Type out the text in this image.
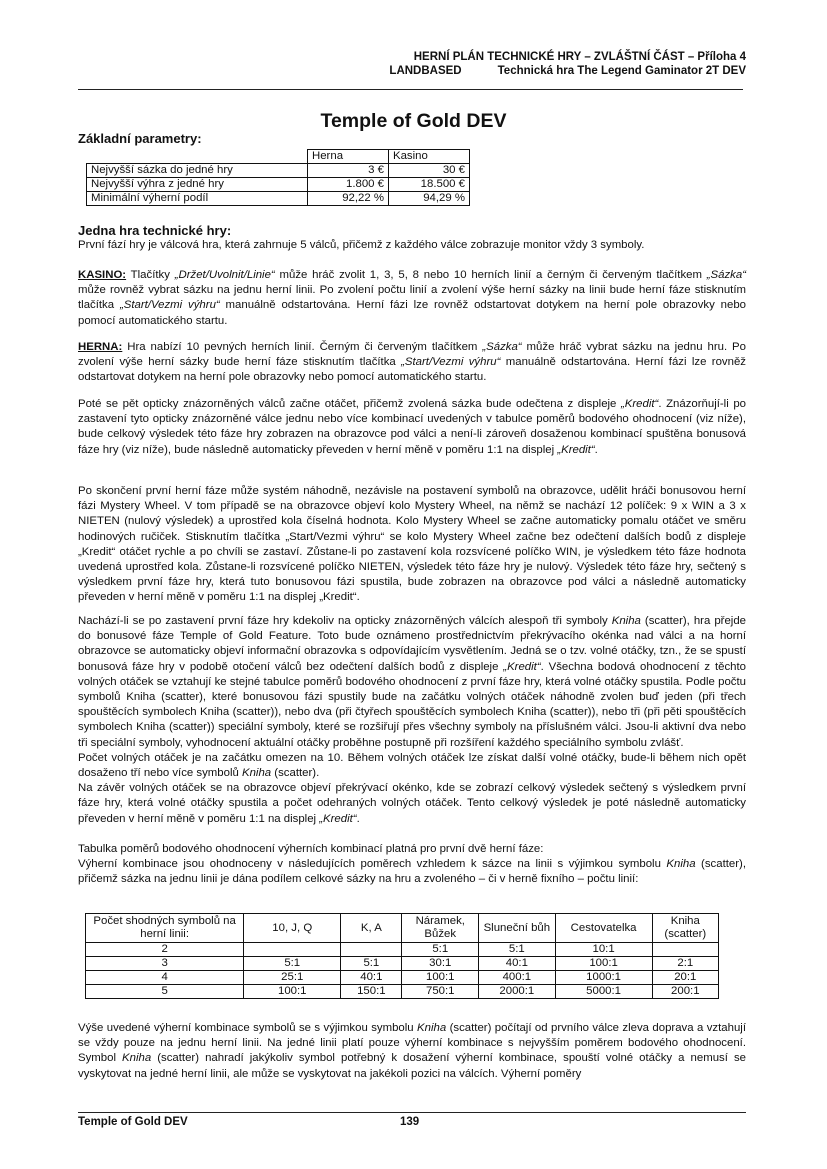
HERNÍ PLÁN TECHNICKÉ HRY – ZVLÁŠTNÍ ČÁST – Příloha 4
LANDBASED	Technická hra The Legend Gaminator 2T DEV
Temple of Gold DEV
Základní parametry:
	Herna	Kasino
Nejvyšší sázka do jedné hry	3 €	30 €
Nejvyšší výhra z jedné hry	1.800 €	18.500 €
Minimální výherní podíl	92,22 %	94,29 %
Jedna hra technické hry:

První fází hry je válcová hra, která zahrnuje 5 válců, přičemž z každého válce zobrazuje monitor vždy 3 symboly.

KASINO: Tlačítky „Držet/Uvolnit/Linie“ může hráč zvolit 1, 3, 5, 8 nebo 10 herních linií a černým či červeným tlačítkem „Sázka“ může rovněž vybrat sázku na jednu herní linii. Po zvolení počtu linií a zvolení výše herní sázky na linii bude herní fáze stisknutím tlačítka „Start/Vezmi výhru“ manuálně odstartována. Herní fázi lze rovněž odstartovat dotykem na herní pole obrazovky nebo pomocí automatického startu.

HERNA: Hra nabízí 10 pevných herních linií. Černým či červeným tlačítkem „Sázka“ může hráč vybrat sázku na jednu hru. Po zvolení výše herní sázky bude herní fáze stisknutím tlačítka „Start/Vezmi výhru“ manuálně odstartována. Herní fázi lze rovněž odstartovat dotykem na herní pole obrazovky nebo pomocí automatického startu.

Poté se pět opticky znázorněných válců začne otáčet, přičemž zvolená sázka bude odečtena z displeje „Kredit“. Znázorňují-li po zastavení tyto opticky znázorněné válce jednu nebo více kombinací uvedených v tabulce poměrů bodového ohodnocení (viz níže), bude celkový výsledek této fáze hry zobrazen na obrazovce pod válci a není-li zároveň dosaženou kombinací spuštěna bonusová fáze hry (viz níže), bude následně automaticky převeden v herní měně v poměru 1:1 na displej „Kredit“.

Po skončení první herní fáze může systém náhodně, nezávisle na postavení symbolů na obrazovce, udělit hráči bonusovou herní fázi Mystery Wheel. V tom případě se na obrazovce objeví kolo Mystery Wheel, na němž se nachází 12 políček: 9 x WIN a 3 x NIETEN (nulový výsledek) a uprostřed kola číselná hodnota. Kolo Mystery Wheel se začne automaticky pomalu otáčet ve směru hodinových ručiček. Stisknutím tlačítka „Start/Vezmi výhru“ se kolo Mystery Wheel začne bez odečtení dalších bodů z displeje „Kredit“ otáčet rychle a po chvíli se zastaví. Zůstane-li po zastavení kola rozsvícené políčko WIN, je výsledkem této fáze hodnota uvedená uprostřed kola. Zůstane-li rozsvícené políčko NIETEN, výsledek této fáze hry je nulový. Výsledek této fáze hry, sečtený s výsledkem první fáze hry, která tuto bonusovou fázi spustila, bude zobrazen na obrazovce pod válci a následně automaticky převeden v herní měně v poměru 1:1 na displej „Kredit“.

Nachází-li se po zastavení první fáze hry kdekoliv na opticky znázorněných válcích alespoň tři symboly Kniha (scatter), hra přejde do bonusové fáze Temple of Gold Feature. Toto bude oznámeno prostřednictvím překrývacího okénka nad válci a na horní obrazovce se automaticky objeví informační obrazovka s odpovídajícím vysvětlením. Jedná se o tzv. volné otáčky, tzn., že se spustí bonusová fáze hry v podobě otočení válců bez odečtení dalších bodů z displeje „Kredit“. Všechna bodová ohodnocení z těchto volných otáček se vztahují ke stejné tabulce poměrů bodového ohodnocení z první fáze hry, která volné otáčky spustila. Podle počtu symbolů Kniha (scatter), které bonusovou fázi spustily bude na začátku volných otáček náhodně zvolen buď jeden (při třech spouštěcích symbolech Kniha (scatter)), nebo dva (při čtyřech spouštěcích symbolech Kniha (scatter)), nebo tři (při pěti spouštěcích symbolech Kniha (scatter)) speciální symboly, které se rozšiřují přes všechny symboly na příslušném válci. Jsou-li aktivní dva nebo tři speciální symboly, vyhodnocení aktuální otáčky proběhne postupně při rozšíření každého speciálního symbolu zvlášť.

Počet volných otáček je na začátku omezen na 10. Během volných otáček lze získat další volné otáčky, bude-li během nich opět dosaženo tří nebo více symbolů Kniha (scatter).

Na závěr volných otáček se na obrazovce objeví překrývací okénko, kde se zobrazí celkový výsledek sečtený s výsledkem první fáze hry, která volné otáčky spustila a počet odehraných volných otáček. Tento celkový výsledek je poté následně automaticky převeden v herní měně v poměru 1:1 na displej „Kredit“.

Tabulka poměrů bodového ohodnocení výherních kombinací platná pro první dvě herní fáze:

Výherní kombinace jsou ohodnoceny v následujících poměrech vzhledem k sázce na linii s výjimkou symbolu Kniha (scatter), přičemž sázka na jednu linii je dána podílem celkové sázky na hru a zvoleného – či v herně fixního – počtu linií:

Počet shodných symbolů na herní linii:	10, J, Q	K, A	Náramek, Bůžek	Sluneční bůh	Cestovatelka	Kniha (scatter)
2			5:1	5:1	10:1	
3	5:1	5:1	30:1	40:1	100:1	2:1
4	25:1	40:1	100:1	400:1	1000:1	20:1
5	100:1	150:1	750:1	2000:1	5000:1	200:1

Výše uvedené výherní kombinace symbolů se s výjimkou symbolu Kniha (scatter) počítají od prvního válce zleva doprava a vztahují se vždy pouze na jednu herní linii. Na jedné linii platí pouze výherní kombinace s nejvyšším poměrem bodového ohodnocení. Symbol Kniha (scatter) nahradí jakýkoliv symbol potřebný k dosažení výherní kombinace, spouští volné otáčky a nemusí se vyskytovat na jedné herní linii, ale může se vyskytovat na jakékoli pozici na válcích. Výherní poměry

Temple of Gold DEV	139
